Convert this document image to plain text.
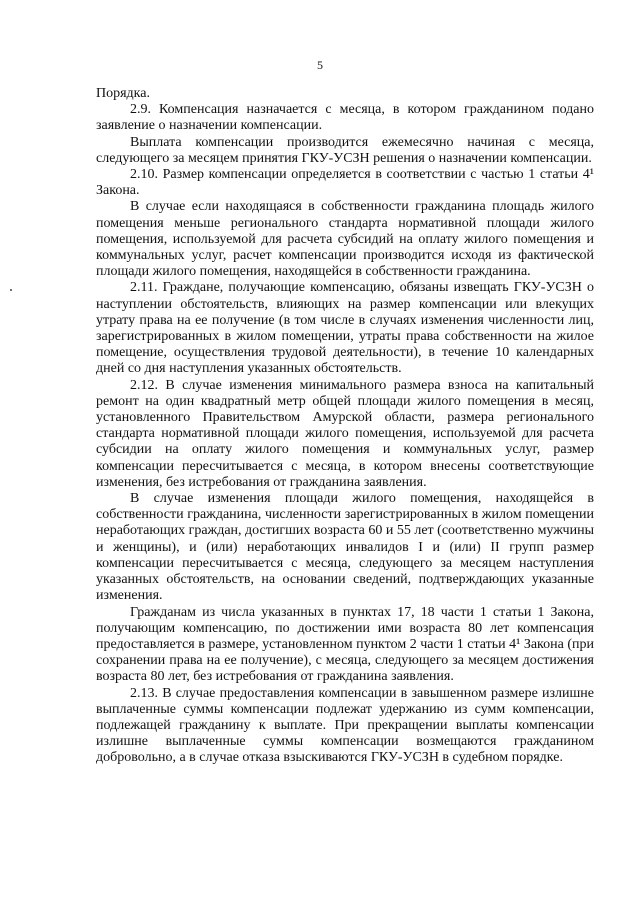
5

Порядка.

2.9. Компенсация назначается с месяца, в котором гражданином подано заявление о назначении компенсации.

Выплата компенсации производится ежемесячно начиная с месяца, следующего за месяцем принятия ГКУ-УСЗН решения о назначении компенсации.

2.10. Размер компенсации определяется в соответствии с частью 1 статьи 4¹ Закона.

В случае если находящаяся в собственности гражданина площадь жилого помещения меньше регионального стандарта нормативной площади жилого помещения, используемой для расчета субсидий на оплату жилого помещения и коммунальных услуг, расчет компенсации производится исходя из фактической площади жилого помещения, находящейся в собственности гражданина.

2.11. Граждане, получающие компенсацию, обязаны извещать ГКУ-УСЗН о наступлении обстоятельств, влияющих на размер компенсации или влекущих утрату права на ее получение (в том числе в случаях изменения численности лиц, зарегистрированных в жилом помещении, утраты права собственности на жилое помещение, осуществления трудовой деятельности), в течение 10 календарных дней со дня наступления указанных обстоятельств.

2.12. В случае изменения минимального размера взноса на капитальный ремонт на один квадратный метр общей площади жилого помещения в месяц, установленного Правительством Амурской области, размера регионального стандарта нормативной площади жилого помещения, используемой для расчета субсидии на оплату жилого помещения и коммунальных услуг, размер компенсации пересчитывается с месяца, в котором внесены соответствующие изменения, без истребования от гражданина заявления.

В случае изменения площади жилого помещения, находящейся в собственности гражданина, численности зарегистрированных в жилом помещении неработающих граждан, достигших возраста 60 и 55 лет (соответственно мужчины и женщины), и (или) неработающих инвалидов I и (или) II групп размер компенсации пересчитывается с месяца, следующего за месяцем наступления указанных обстоятельств, на основании сведений, подтверждающих указанные изменения.

Гражданам из числа указанных в пунктах 17, 18 части 1 статьи 1 Закона, получающим компенсацию, по достижении ими возраста 80 лет компенсация предоставляется в размере, установленном пунктом 2 части 1 статьи 4¹ Закона (при сохранении права на ее получение), с месяца, следующего за месяцем достижения возраста 80 лет, без истребования от гражданина заявления.

2.13. В случае предоставления компенсации в завышенном размере излишне выплаченные суммы компенсации подлежат удержанию из сумм компенсации, подлежащей гражданину к выплате. При прекращении выплаты компенсации излишне выплаченные суммы компенсации возмещаются гражданином добровольно, а в случае отказа взыскиваются ГКУ-УСЗН в судебном порядке.
